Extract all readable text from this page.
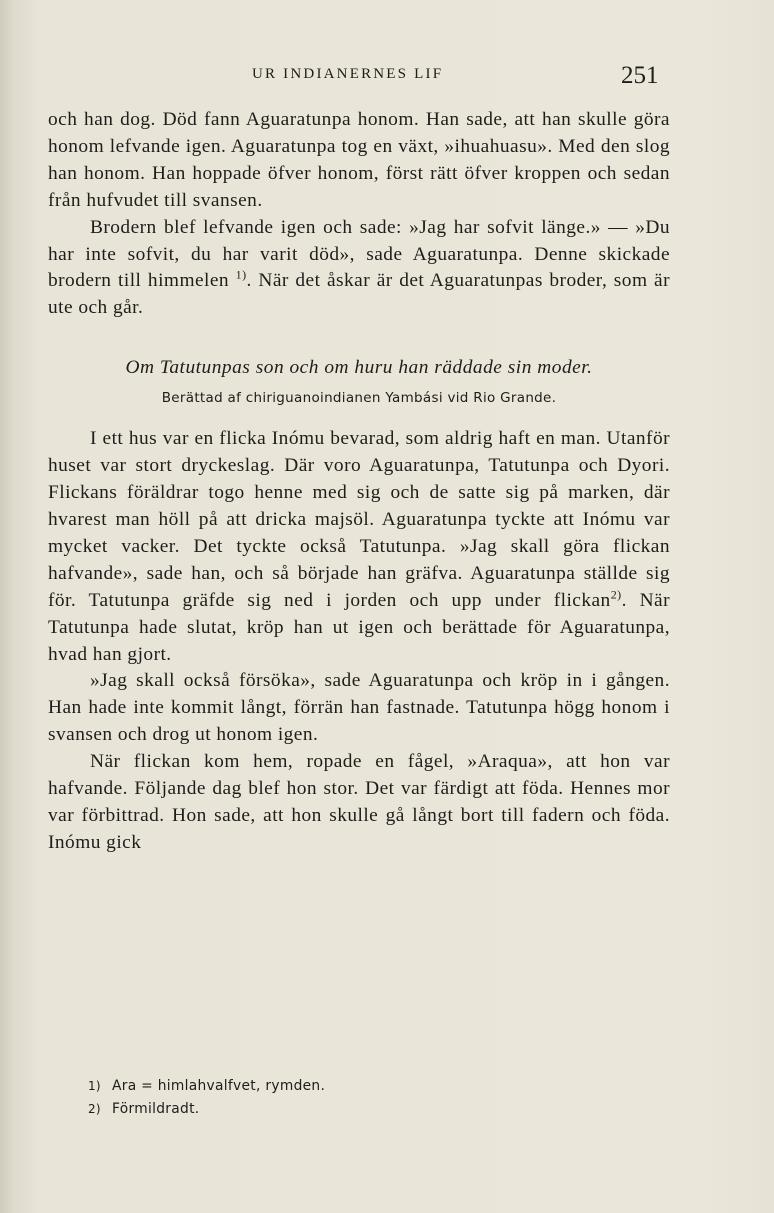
UR INDIANERNES LIF	251

och han dog. Död fann Aguaratunpa honom. Han sade, att han skulle göra honom lefvande igen. Aguaratunpa tog en växt, »ihuahuasu». Med den slog han honom. Han hoppade öfver honom, först rätt öfver kroppen och sedan från hufvudet till svansen.

Brodern blef lefvande igen och sade: »Jag har sofvit länge.» — »Du har inte sofvit, du har varit död», sade Aguaratunpa. Denne skickade brodern till himmelen $^{1)}$. När det åskar är det Aguaratunpas broder, som är ute och går.

Om Tatutunpas son och om huru han räddade sin moder.
Berättad af chiriguanoindianen Yambási vid Rio Grande.

I ett hus var en flicka Inómu bevarad, som aldrig haft en man. Utanför huset var stort dryckeslag. Där voro Aguaratunpa, Tatutunpa och Dyori. Flickans föräldrar togo henne med sig och de satte sig på marken, där hvarest man höll på att dricka majsöl. Aguaratunpa tyckte att Inómu var mycket vacker. Det tyckte också Tatutunpa. »Jag skall göra flickan hafvande», sade han, och så började han gräfva. Aguaratunpa ställde sig för. Tatutunpa gräfde sig ned i jorden och upp under flickan$^{2)}$. När Tatutunpa hade slutat, kröp han ut igen och berättade för Aguaratunpa, hvad han gjort.

»Jag skall också försöka», sade Aguaratunpa och kröp in i gången. Han hade inte kommit långt, förrän han fastnade. Tatutunpa högg honom i svansen och drog ut honom igen.

När flickan kom hem, ropade en fågel, »Araqua», att hon var hafvande. Följande dag blef hon stor. Det var färdigt att föda. Hennes mor var förbittrad. Hon sade, att hon skulle gå långt bort till fadern och föda. Inómu gick

1) Ara = himlahvalfvet, rymden.

2) Förmildradt.
